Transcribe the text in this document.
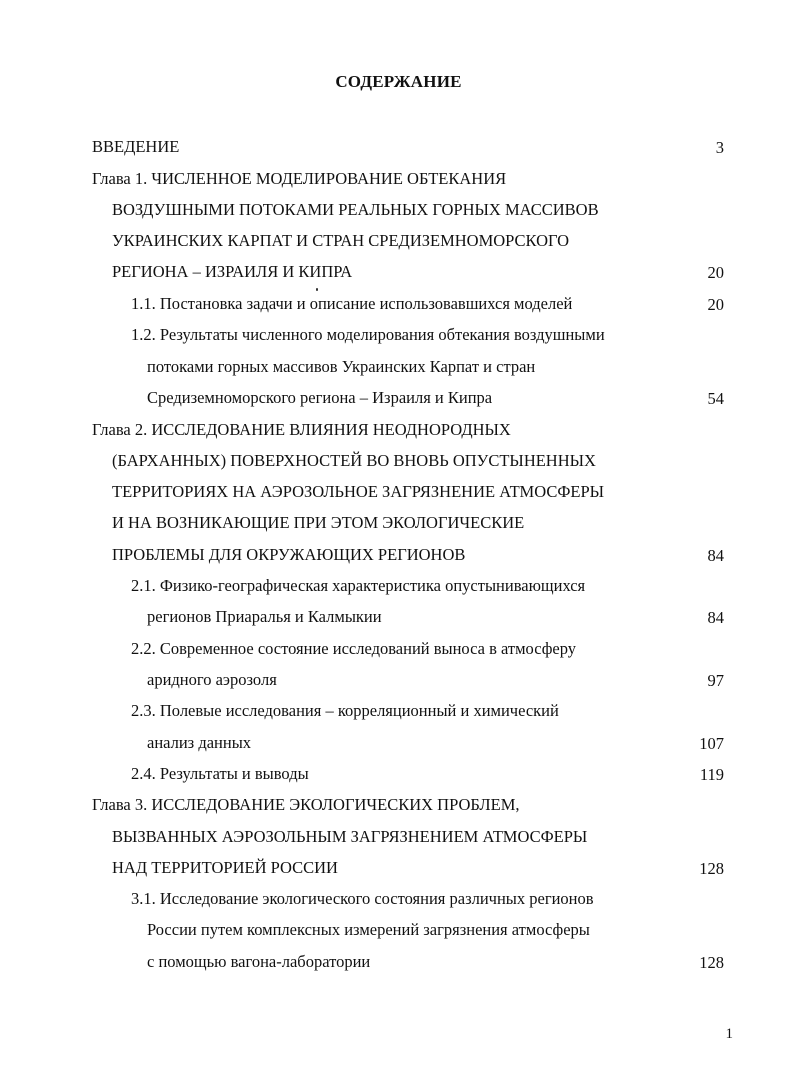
СОДЕРЖАНИЕ
ВВЕДЕНИЕ	3
Глава 1. ЧИСЛЕННОЕ МОДЕЛИРОВАНИЕ ОБТЕКАНИЯ
ВОЗДУШНЫМИ ПОТОКАМИ РЕАЛЬНЫХ ГОРНЫХ МАССИВОВ
УКРАИНСКИХ КАРПАТ И СТРАН СРЕДИЗЕМНОМОРСКОГО
РЕГИОНА – ИЗРАИЛЯ И КИПРА	20
1.1. Постановка задачи и описание использовавшихся моделей	20
1.2. Результаты численного моделирования обтекания воздушными
потоками горных массивов Украинских Карпат и стран
Средиземноморского региона – Израиля и Кипра	54
Глава 2. ИССЛЕДОВАНИЕ ВЛИЯНИЯ НЕОДНОРОДНЫХ
(БАРХАННЫХ) ПОВЕРХНОСТЕЙ ВО ВНОВЬ ОПУСТЫНЕННЫХ
ТЕРРИТОРИЯХ НА АЭРОЗОЛЬНОЕ ЗАГРЯЗНЕНИЕ АТМОСФЕРЫ
И НА ВОЗНИКАЮЩИЕ ПРИ ЭТОМ ЭКОЛОГИЧЕСКИЕ
ПРОБЛЕМЫ ДЛЯ ОКРУЖАЮЩИХ РЕГИОНОВ	84
2.1. Физико-географическая характеристика опустынивающихся
регионов Приаралья и Калмыкии	84
2.2. Современное состояние исследований выноса в атмосферу
аридного аэрозоля	97
2.3. Полевые исследования – корреляционный и химический
анализ данных	107
2.4. Результаты и выводы	119
Глава 3. ИССЛЕДОВАНИЕ ЭКОЛОГИЧЕСКИХ ПРОБЛЕМ,
ВЫЗВАННЫХ АЭРОЗОЛЬНЫМ ЗАГРЯЗНЕНИЕМ АТМОСФЕРЫ
НАД ТЕРРИТОРИЕЙ РОССИИ	128
3.1. Исследование экологического состояния различных регионов
России путем комплексных измерений загрязнения атмосферы
с помощью вагона-лаборатории	128
1
